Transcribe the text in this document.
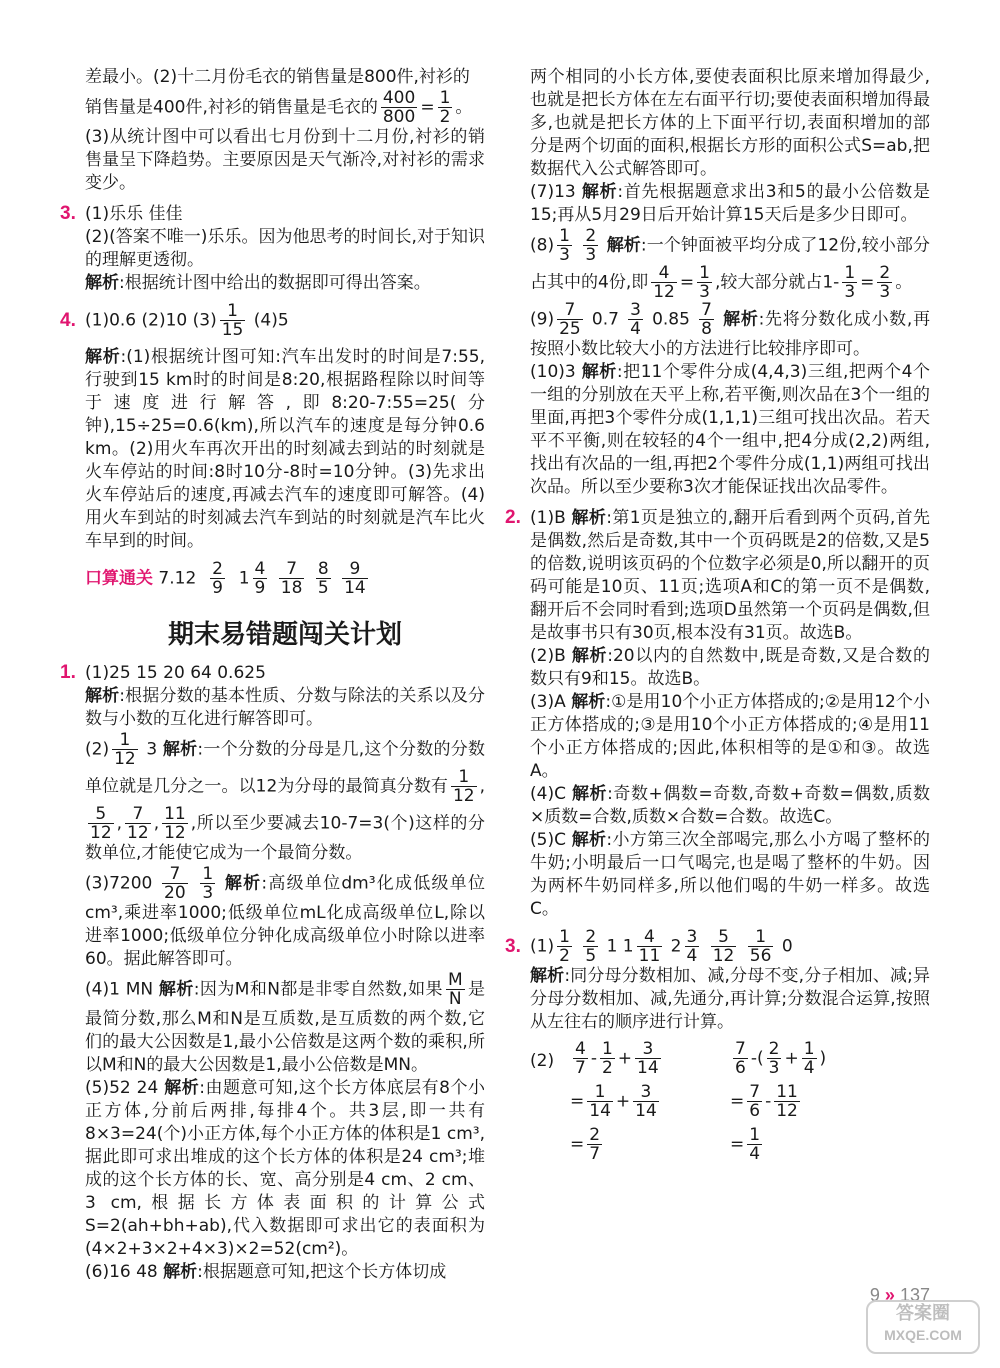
差最小。(2)十二月份毛衣的销售量是800件,衬衫的

销售量是400件,衬衫的销售量是毛衣的 $\frac{400}{800} = \frac{1}{2}$ 。

(3)从统计图中可以看出七月份到十二月份,衬衫的销售量呈下降趋势。主要原因是天气渐冷,对衬衫的需求变少。

3. (1)乐乐 佳佳

(2)(答案不唯一)乐乐。因为他思考的时间长,对于知识的理解更透彻。

解析:根据统计图中给出的数据即可得出答案。

4. (1)0.6 (2)10 $(3) \frac{1}{15} (4)5$

解析:(1)根据统计图可知:汽车出发时的时间是7:55,行驶到15 km时的时间是8:20,根据路程除以时间等于速度进行解答,即8:20-7:55=25(分钟),15÷25=0.6(km),所以汽车的速度是每分钟0.6 km。(2)用火车再次开出的时刻减去到站的时刻就是火车停站的时间:8时10分-8时=10分钟。(3)先求出火车停站后的速度,再减去汽车的速度即可解答。(4)用火车到站的时刻减去汽车到站的时刻就是汽车比火车早到的时间。

口算通关 $7.12 \frac{2}{9} 1 \frac{4}{9}$
$\frac{7}{18}$
$\frac{8}{5}$
$\frac{9}{14}$

期末易错题闯关计划

1. (1)25 15 20 64 0.625

解析:根据分数的基本性质、分数与除法的关系以及分数与小数的互化进行解答即可。

$(2) \frac{1}{12} 3$ 解析:一个分数的分母是几,这个分数的分数单位就是几分之一。以12为分母的最简真分数有 $\frac{1}{12}$ ,
$\frac{5}{12}$ , $\frac{7}{12}$ , $\frac{11}{12}$ ,所以至少要减去10-7=3(个)这样的分数单位,才能使它成为一个最简分数。

$(3)7200 \frac{7}{20}$
$\frac{1}{3}$ 解析:高级单位dm³化成低级单位cm³,乘进率1000;低级单位mL化成高级单位L,除以进率1000;低级单位分钟化成高级单位小时除以进率60。据此解答即可。

(4)1 MN 解析:因为M和N都是非零自然数,如果 $\frac{M}{N}$ 是最简分数,那么M和N是互质数,是互质数的两个数,它们的最大公因数是1,最小公倍数是这两个数的乘积,所以M和N的最大公因数是1,最小公倍数是MN。

(5)52 24 解析:由题意可知,这个长方体底层有8个小正方体,分前后两排,每排4个。共3层,即一共有8×3=24(个)小正方体,每个小正方体的体积是1 cm³,据此即可求出堆成的这个长方体的体积是24 cm³;堆成的这个长方体的长、宽、高分别是4 cm、2 cm、3 cm,根据长方体表面积的计算公式S=2(ah+bh+ab),代入数据即可求出它的表面积为(4×2+3×2+4×3)×2=52(cm²)。

(6)16 48 解析:根据题意可知,把这个长方体切成

两个相同的小长方体,要使表面积比原来增加得最少,也就是把长方体在左右面平行切;要使表面积增加得最多,也就是把长方体的上下面平行切,表面积增加的部分是两个切面的面积,根据长方形的面积公式S=ab,把数据代入公式解答即可。

(7)13 解析:首先根据题意求出3和5的最小公倍数是15;再从5月29日后开始计算15天后是多少日即可。

$(8) \frac{1}{3}$
$\frac{2}{3}$ 解析:一个钟面被平均分成了12份,较小部分占其中的4份,即 $\frac{4}{12} = \frac{1}{3}$ ,较大部分就占$1- \frac{1}{3} = \frac{2}{3}$ 。

$(9) \frac{7}{25} 0.7 \frac{3}{4} 0.85 \frac{7}{8}$ 解析:先将分数化成小数,再按照小数比较大小的方法进行比较排序即可。

(10)3 解析:把11个零件分成(4,4,3)三组,把两个4个一组的分别放在天平上称,若平衡,则次品在3个一组的里面,再把3个零件分成(1,1,1)三组可找出次品。若天平不平衡,则在较轻的4个一组中,把4分成(2,2)两组,找出有次品的一组,再把2个零件分成(1,1)两组可找出次品。所以至少要称3次才能保证找出次品零件。

2. (1)B 解析:第1页是独立的,翻开后看到两个页码,首先是偶数,然后是奇数,其中一个页码既是2的倍数,又是5的倍数,说明该页码的个位数字必须是0,所以翻开的页码可能是10页、11页;选项A和C的第一页不是偶数,翻开后不会同时看到;选项D虽然第一个页码是偶数,但是故事书只有30页,根本没有31页。故选B。

(2)B 解析:20以内的自然数中,既是奇数,又是合数的数只有9和15。故选B。

(3)A 解析:①是用10个小正方体搭成的;②是用12个小正方体搭成的;③是用10个小正方体搭成的;④是用11个小正方体搭成的;因此,体积相等的是①和③。故选A。

(4)C 解析:奇数+偶数=奇数,奇数+奇数=偶数,质数×质数=合数,质数×合数=合数。故选C。

(5)C 解析:小方第三次全部喝完,那么小方喝了整杯的牛奶;小明最后一口气喝完,也是喝了整杯的牛奶。因为两杯牛奶同样多,所以他们喝的牛奶一样多。故选C。

3. $(1) \frac{1}{2}$
$\frac{2}{5} 1$ $1 \frac{4}{11} 2 \frac{3}{4}$
$\frac{5}{12}$
$\frac{1}{56} 0$

解析:同分母分数相加、减,分母不变,分子相加、减;异分母分数相加、减,先通分,再计算;分数混合运算,按照从左往右的顺序进行计算。

$(2) \frac{4}{7} - \frac{1}{2} + \frac{3}{14}$
= $\frac{1}{14} + \frac{3}{14}$
= $\frac{2}{7}$
$\frac{7}{6}$ -( $\frac{2}{3} + \frac{1}{4}$ )
= $\frac{7}{6} - \frac{11}{12}$
= $\frac{1}{4}$
9 » 137
答案圈
MXQE.COM
